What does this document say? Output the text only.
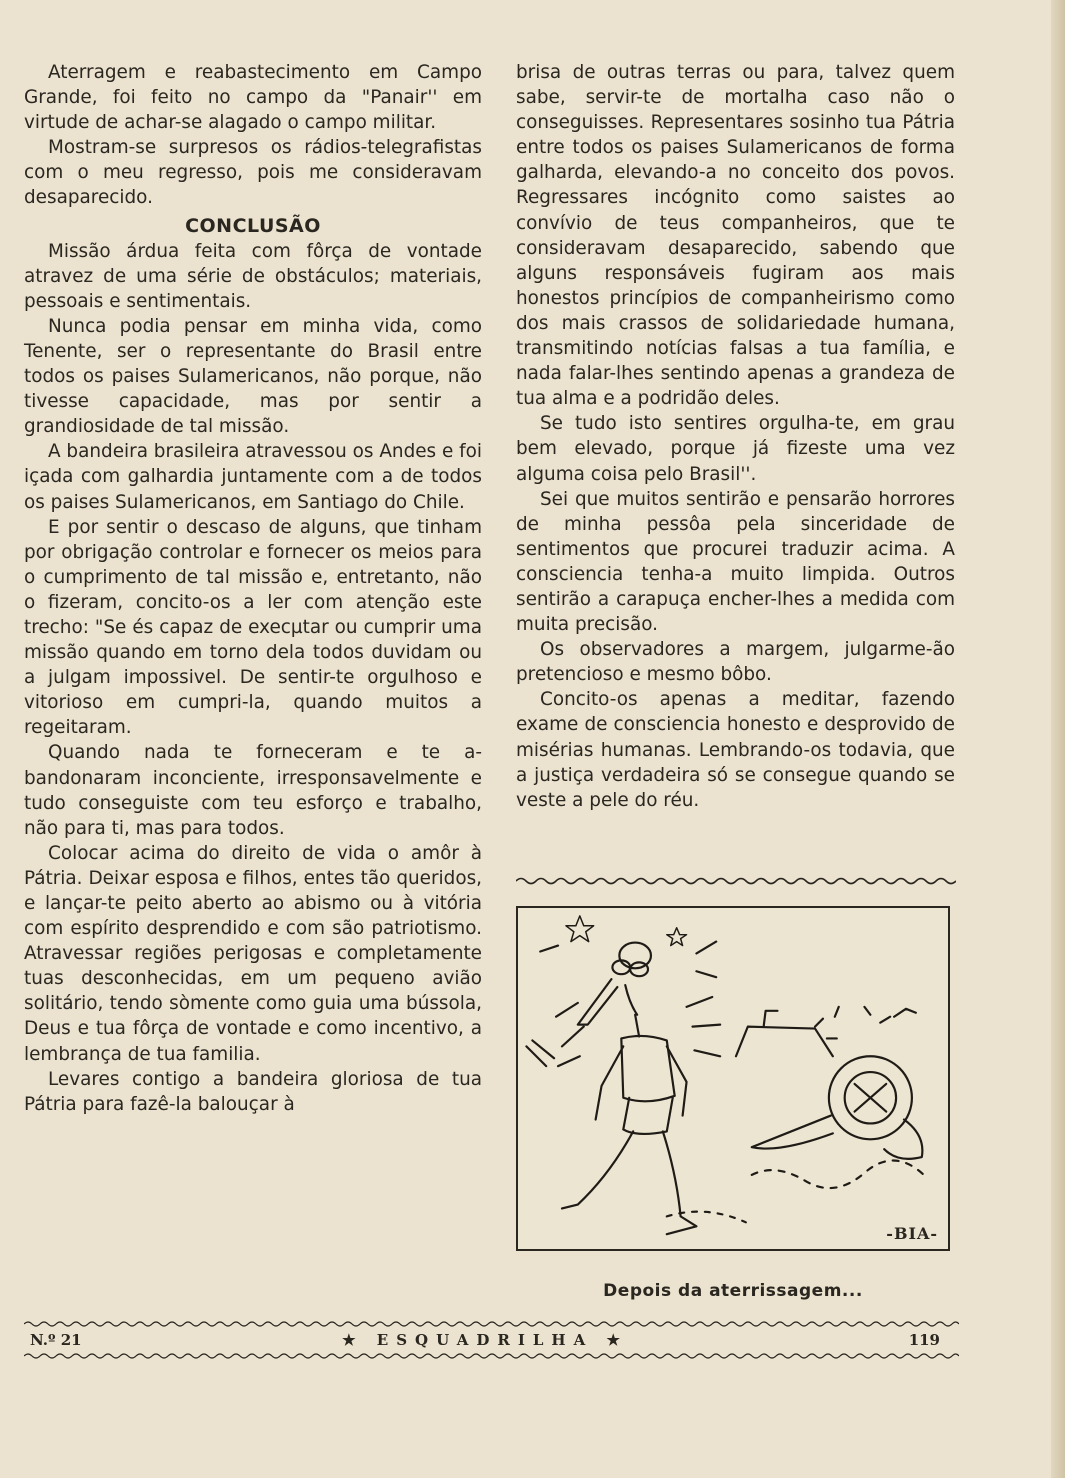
Aterragem e reabastecimento em Campo Grande, foi feito no campo da "Panair'' em virtude de achar-se alagado o campo militar.

Mostram-se surpresos os rádios-telegrafistas com o meu regresso, pois me consideravam desaparecido.

CONCLUSÃO

Missão árdua feita com fôrça de vontade atravez de uma série de obstáculos; materiais, pessoais e sentimentais.

Nunca podia pensar em minha vida, como Tenente, ser o representante do Brasil entre todos os paises Sulamericanos, não porque, não tivesse capacidade, mas por sentir a grandiosidade de tal missão.

A bandeira brasileira atravessou os Andes e foi içada com galhardia juntamente com a de todos os paises Sulamericanos, em Santiago do Chile.

E por sentir o descaso de alguns, que tinham por obrigação controlar e fornecer os meios para o cumprimento de tal missão e, entretanto, não o fizeram, concito-os a ler com atenção este trecho: "Se és capaz de execµtar ou cumprir uma missão quando em torno dela todos duvidam ou a julgam impossivel. De sentir-te orgulhoso e vitorioso em cumpri-la, quando muitos a regeitaram.

Quando nada te forneceram e te abandonaram inconciente, irresponsavelmente e tudo conseguiste com teu esforço e trabalho, não para ti, mas para todos.

Colocar acima do direito de vida o amôr à Pátria. Deixar esposa e filhos, entes tão queridos, e lançar-te peito aberto ao abismo ou à vitória com espírito desprendido e com são patriotismo. Atravessar regiões perigosas e completamente tuas desconhecidas, em um pequeno avião solitário, tendo sòmente como guia uma bússola, Deus e tua fôrça de vontade e como incentivo, a lembrança de tua familia.

Levares contigo a bandeira gloriosa de tua Pátria para fazê-la balouçar à

brisa de outras terras ou para, talvez quem sabe, servir-te de mortalha caso não o conseguisses. Representares sosinho tua Pátria entre todos os paises Sulamericanos de forma galharda, elevando-a no conceito dos povos. Regressares incógnito como saistes ao convívio de teus companheiros, que te consideravam desaparecido, sabendo que alguns responsáveis fugiram aos mais honestos princípios de companheirismo como dos mais crassos de solidariedade humana, transmitindo notícias falsas a tua família, e nada falar-lhes sentindo apenas a grandeza de tua alma e a podridão deles.

Se tudo isto sentires orgulha-te, em grau bem elevado, porque já fizeste uma vez alguma coisa pelo Brasil''.

Sei que muitos sentirão e pensarão horrores de minha pessôa pela sinceridade de sentimentos que procurei traduzir acima. A consciencia tenha-a muito limpida. Outros sentirão a carapuça encher-lhes a medida com muita precisão.

Os observadores a margem, julgarme-ão pretencioso e mesmo bôbo.

Concito-os apenas a meditar, fazendo exame de consciencia honesto e desprovido de misérias humanas. Lembrando-os todavia, que a justiça verdadeira só se consegue quando se veste a pele do réu.

-BIA-
Depois da aterrissagem...
N.º 21	★ ESQUADRILHA ★	119
